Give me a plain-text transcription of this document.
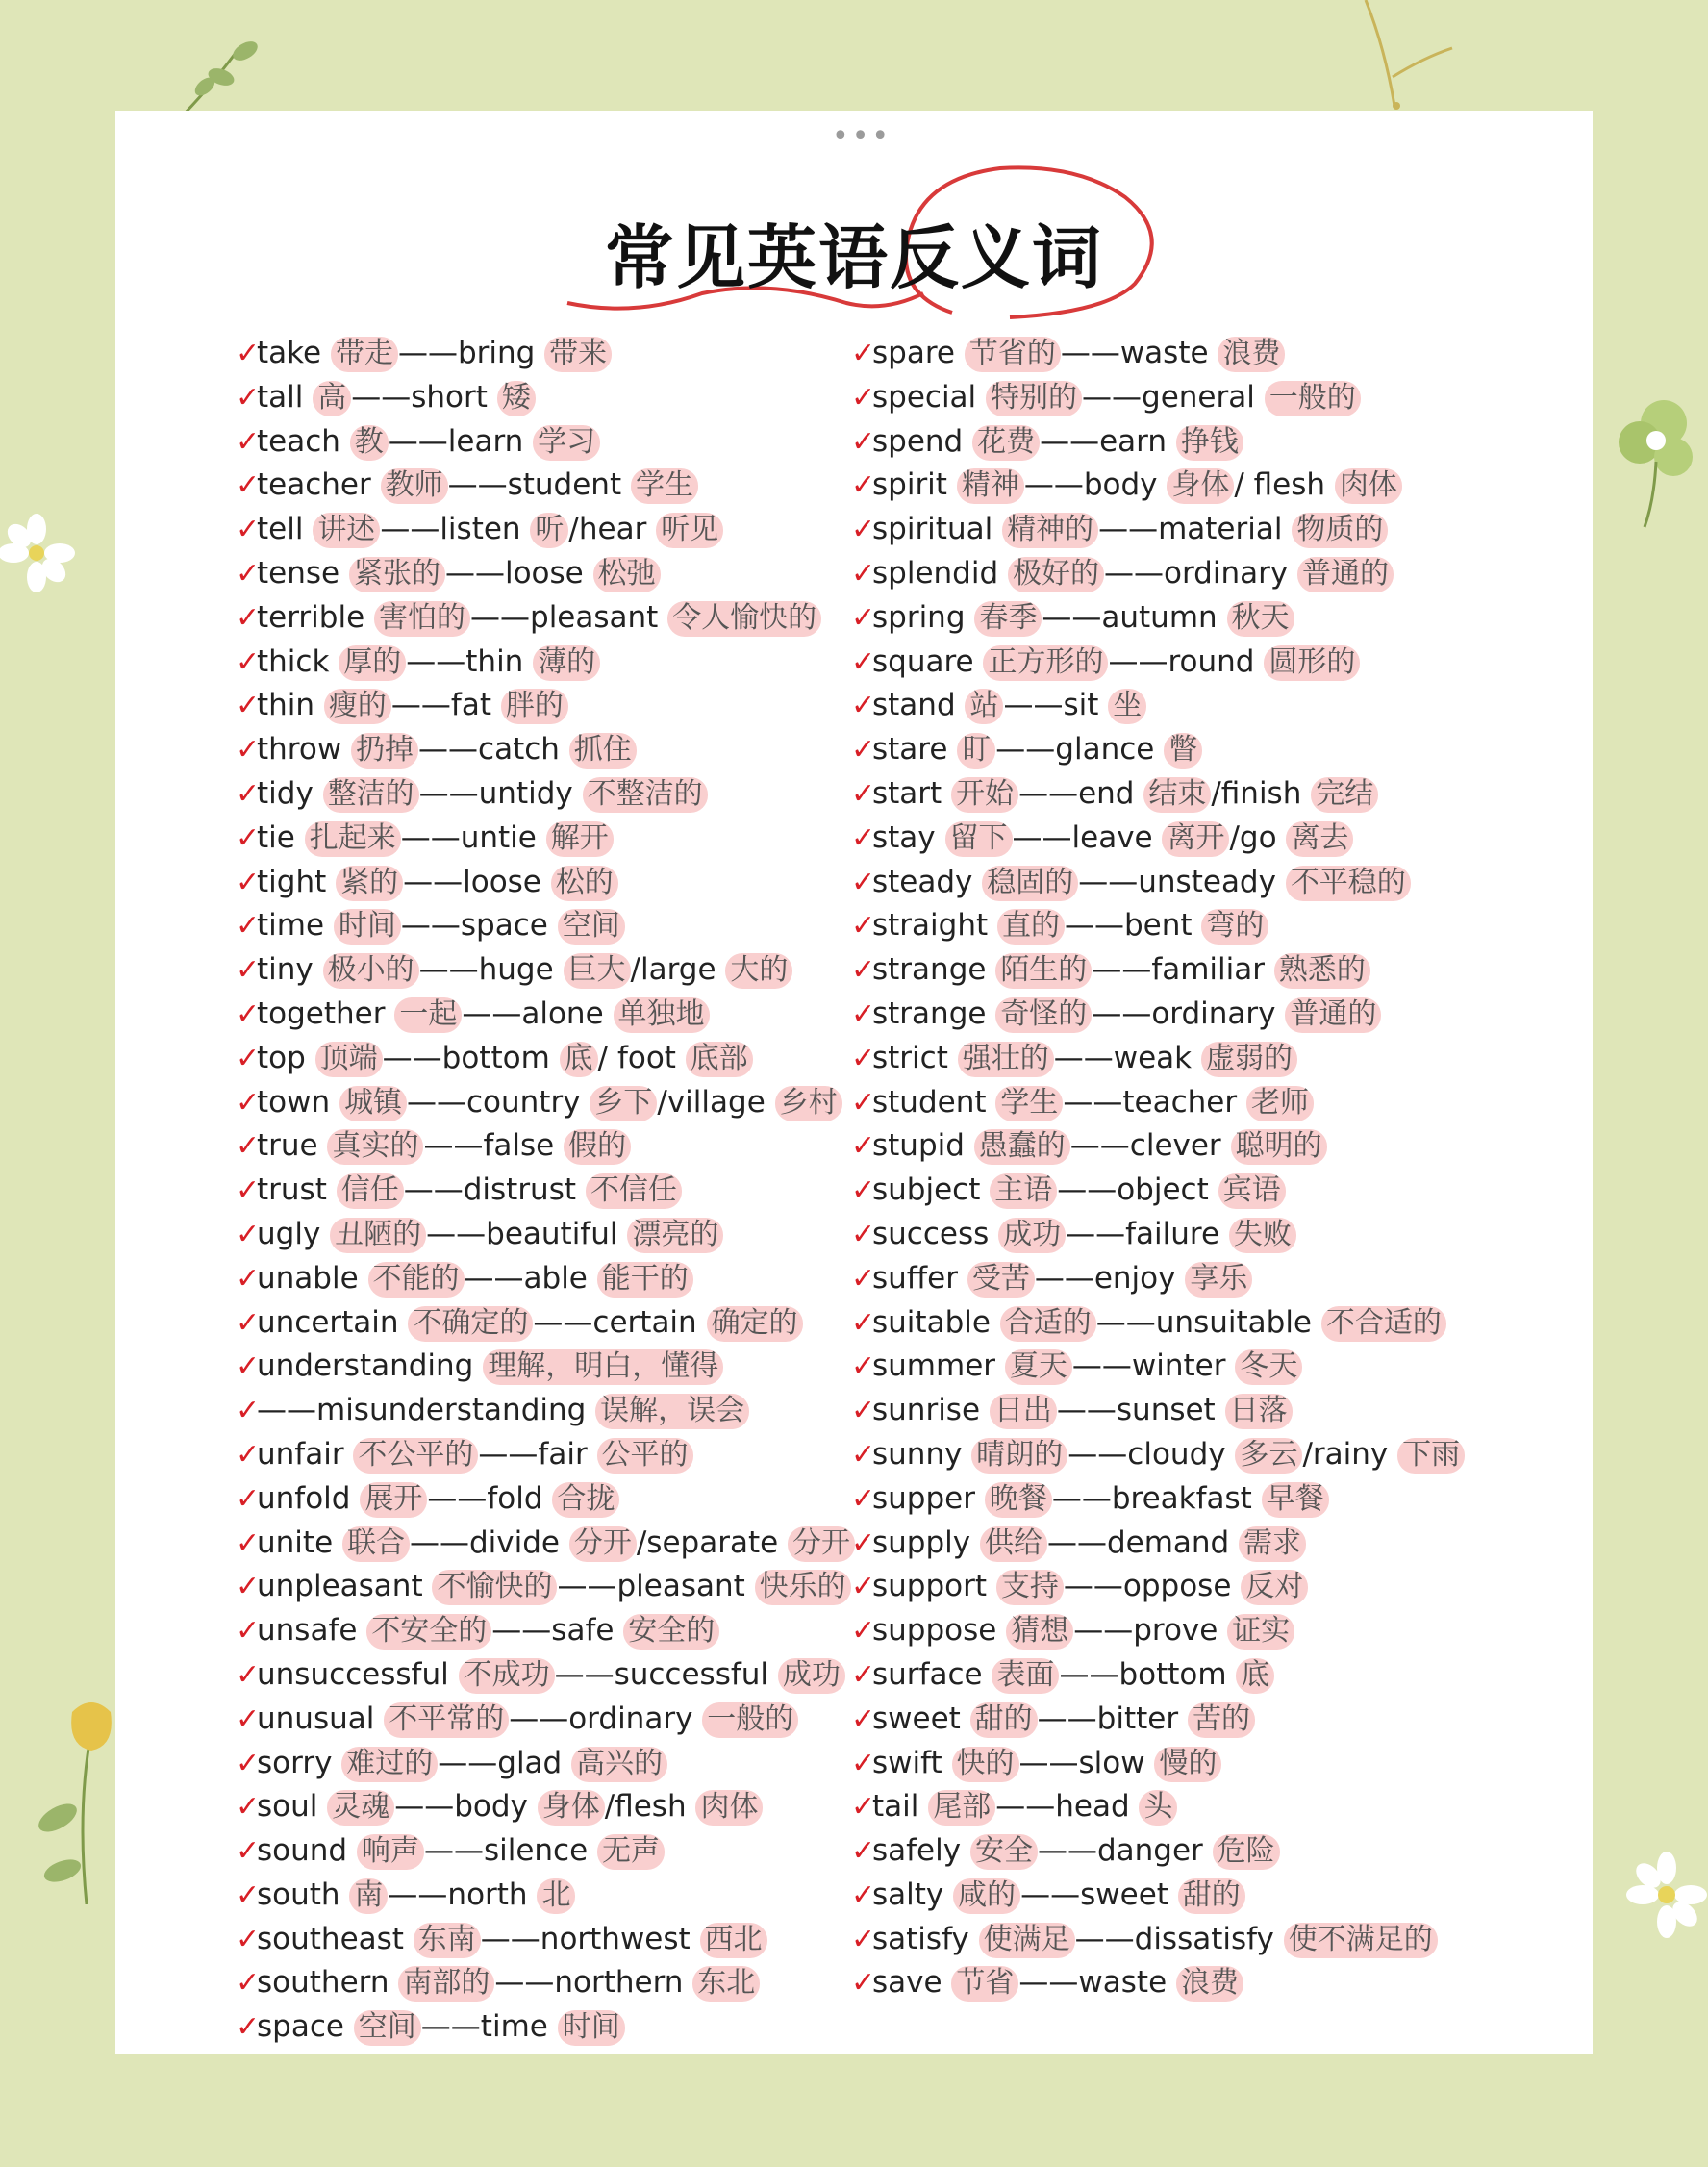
•••
常见英语反义词
✓take 带走 ——bring 带来
✓tall 高 ——short 矮
✓teach 教 ——learn 学习
✓teacher 教师 ——student 学生
✓tell 讲述 ——listen 听 /hear 听见
✓tense 紧张的 ——loose 松弛
✓terrible 害怕的 ——pleasant 令人愉快的
✓thick 厚的 ——thin 薄的
✓thin 瘦的 ——fat 胖的
✓throw 扔掉 ——catch 抓住
✓tidy 整洁的 ——untidy 不整洁的
✓tie 扎起来 ——untie 解开
✓tight 紧的 ——loose 松的
✓time 时间 ——space 空间
✓tiny 极小的 ——huge 巨大 /large 大的
✓together 一起 ——alone 单独地
✓top 顶端 ——bottom 底 / foot 底部
✓town 城镇 ——country 乡下 /village 乡村
✓true 真实的 ——false 假的
✓trust 信任 ——distrust 不信任
✓ugly 丑陋的 ——beautiful 漂亮的
✓unable 不能的 ——able 能干的
✓uncertain 不确定的 ——certain 确定的
✓understanding 理解，明白，懂得
✓——misunderstanding 误解，误会
✓unfair 不公平的 ——fair 公平的
✓unfold 展开 ——fold 合拢
✓unite 联合 ——divide 分开 /separate 分开
✓unpleasant 不愉快的 ——pleasant 快乐的
✓unsafe 不安全的 ——safe 安全的
✓unsuccessful 不成功 ——successful 成功
✓unusual 不平常的 ——ordinary 一般的
✓sorry 难过的 ——glad 高兴的
✓soul 灵魂 ——body 身体 /flesh 肉体
✓sound 响声 ——silence 无声
✓south 南 ——north 北
✓southeast 东南 ——northwest 西北
✓southern 南部的 ——northern 东北
✓space 空间 ——time 时间
✓spare 节省的 ——waste 浪费
✓special 特别的 ——general 一般的
✓spend 花费 ——earn 挣钱
✓spirit 精神 ——body 身体 / flesh 肉体
✓spiritual 精神的 ——material 物质的
✓splendid 极好的 ——ordinary 普通的
✓spring 春季 ——autumn 秋天
✓square 正方形的 ——round 圆形的
✓stand 站 ——sit 坐
✓stare 盯 ——glance 瞥
✓start 开始 ——end 结束 /finish 完结
✓stay 留下 ——leave 离开 /go 离去
✓steady 稳固的 ——unsteady 不平稳的
✓straight 直的 ——bent 弯的
✓strange 陌生的 ——familiar 熟悉的
✓strange 奇怪的 ——ordinary 普通的
✓strict 强壮的 ——weak 虚弱的
✓student 学生 ——teacher 老师
✓stupid 愚蠢的 ——clever 聪明的
✓subject 主语 ——object 宾语
✓success 成功 ——failure 失败
✓suffer 受苦 ——enjoy 享乐
✓suitable 合适的 ——unsuitable 不合适的
✓summer 夏天 ——winter 冬天
✓sunrise 日出 ——sunset 日落
✓sunny 晴朗的 ——cloudy 多云 /rainy 下雨
✓supper 晚餐 ——breakfast 早餐
✓supply 供给 ——demand 需求
✓support 支持 ——oppose 反对
✓suppose 猜想 ——prove 证实
✓surface 表面 ——bottom 底
✓sweet 甜的 ——bitter 苦的
✓swift 快的 ——slow 慢的
✓tail 尾部 ——head 头
✓safely 安全 ——danger 危险
✓salty 咸的 ——sweet 甜的
✓satisfy 使满足 ——dissatisfy 使不满足的
✓save 节省 ——waste 浪费
